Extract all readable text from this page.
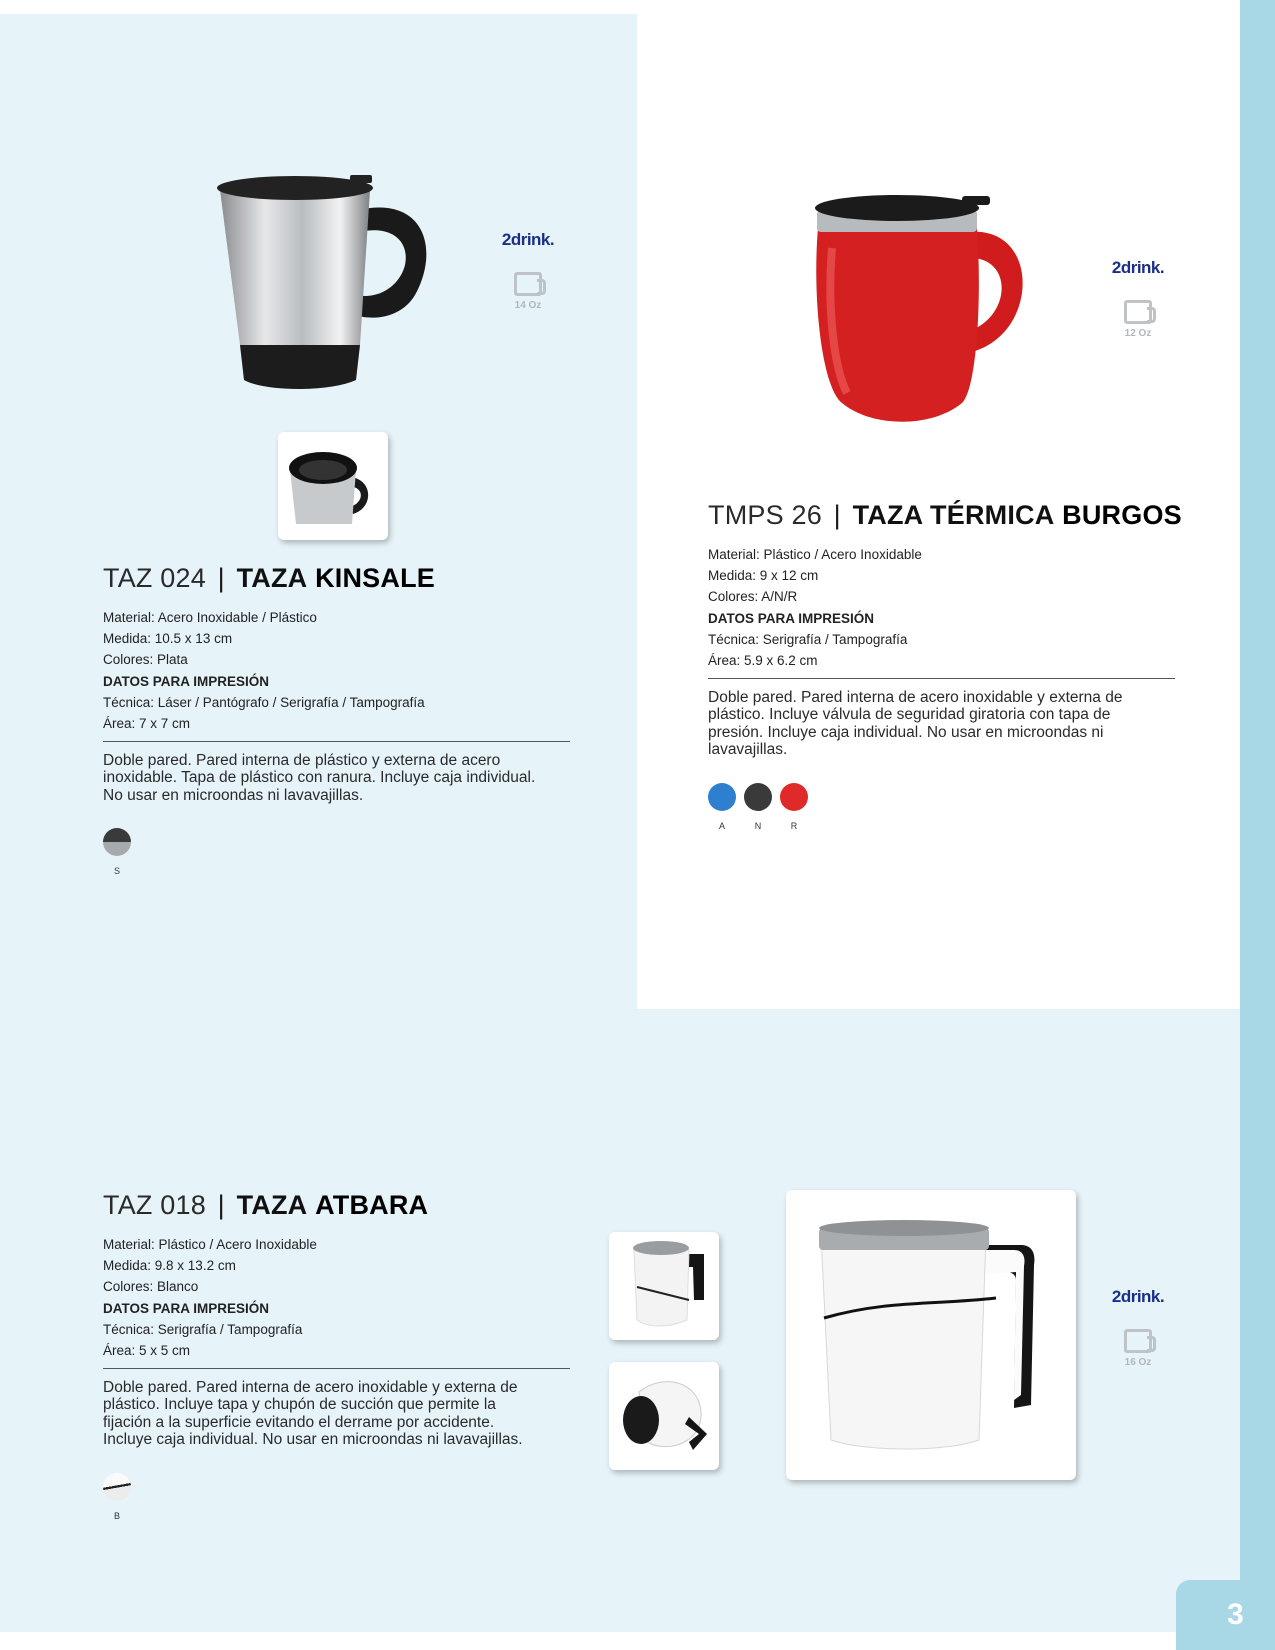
3
2drink.
14 Oz
TAZ 024 | TAZA KINSALE
Material: Acero Inoxidable / Plástico
Medida: 10.5 x 13 cm
Colores: Plata
DATOS PARA IMPRESIÓN
Técnica: Láser / Pantógrafo / Serigrafía / Tampografía
Área: 7 x 7 cm
Doble pared. Pared interna de plástico y externa de acero inoxidable. Tapa de plástico con ranura. Incluye caja individual. No usar en microondas ni lavavajillas.
S
2drink.
12 Oz
TMPS 26 | TAZA TÉRMICA BURGOS
Material: Plástico / Acero Inoxidable
Medida: 9 x 12 cm
Colores: A/N/R
DATOS PARA IMPRESIÓN
Técnica: Serigrafía / Tampografía
Área: 5.9 x 6.2 cm
Doble pared. Pared interna de acero inoxidable y externa de plástico. Incluye válvula de seguridad giratoria con tapa de presión. Incluye caja individual. No usar en microondas ni lavavajillas.
A	N	R
TAZ 018 | TAZA ATBARA
Material: Plástico / Acero Inoxidable
Medida: 9.8 x 13.2 cm
Colores: Blanco
DATOS PARA IMPRESIÓN
Técnica: Serigrafía / Tampografía
Área: 5 x 5 cm
Doble pared. Pared interna de acero inoxidable y externa de plástico. Incluye tapa y chupón de succión que permite la fijación a la superficie evitando el derrame por accidente. Incluye caja individual. No usar en microondas ni lavavajillas.
B
2drink.
16 Oz
